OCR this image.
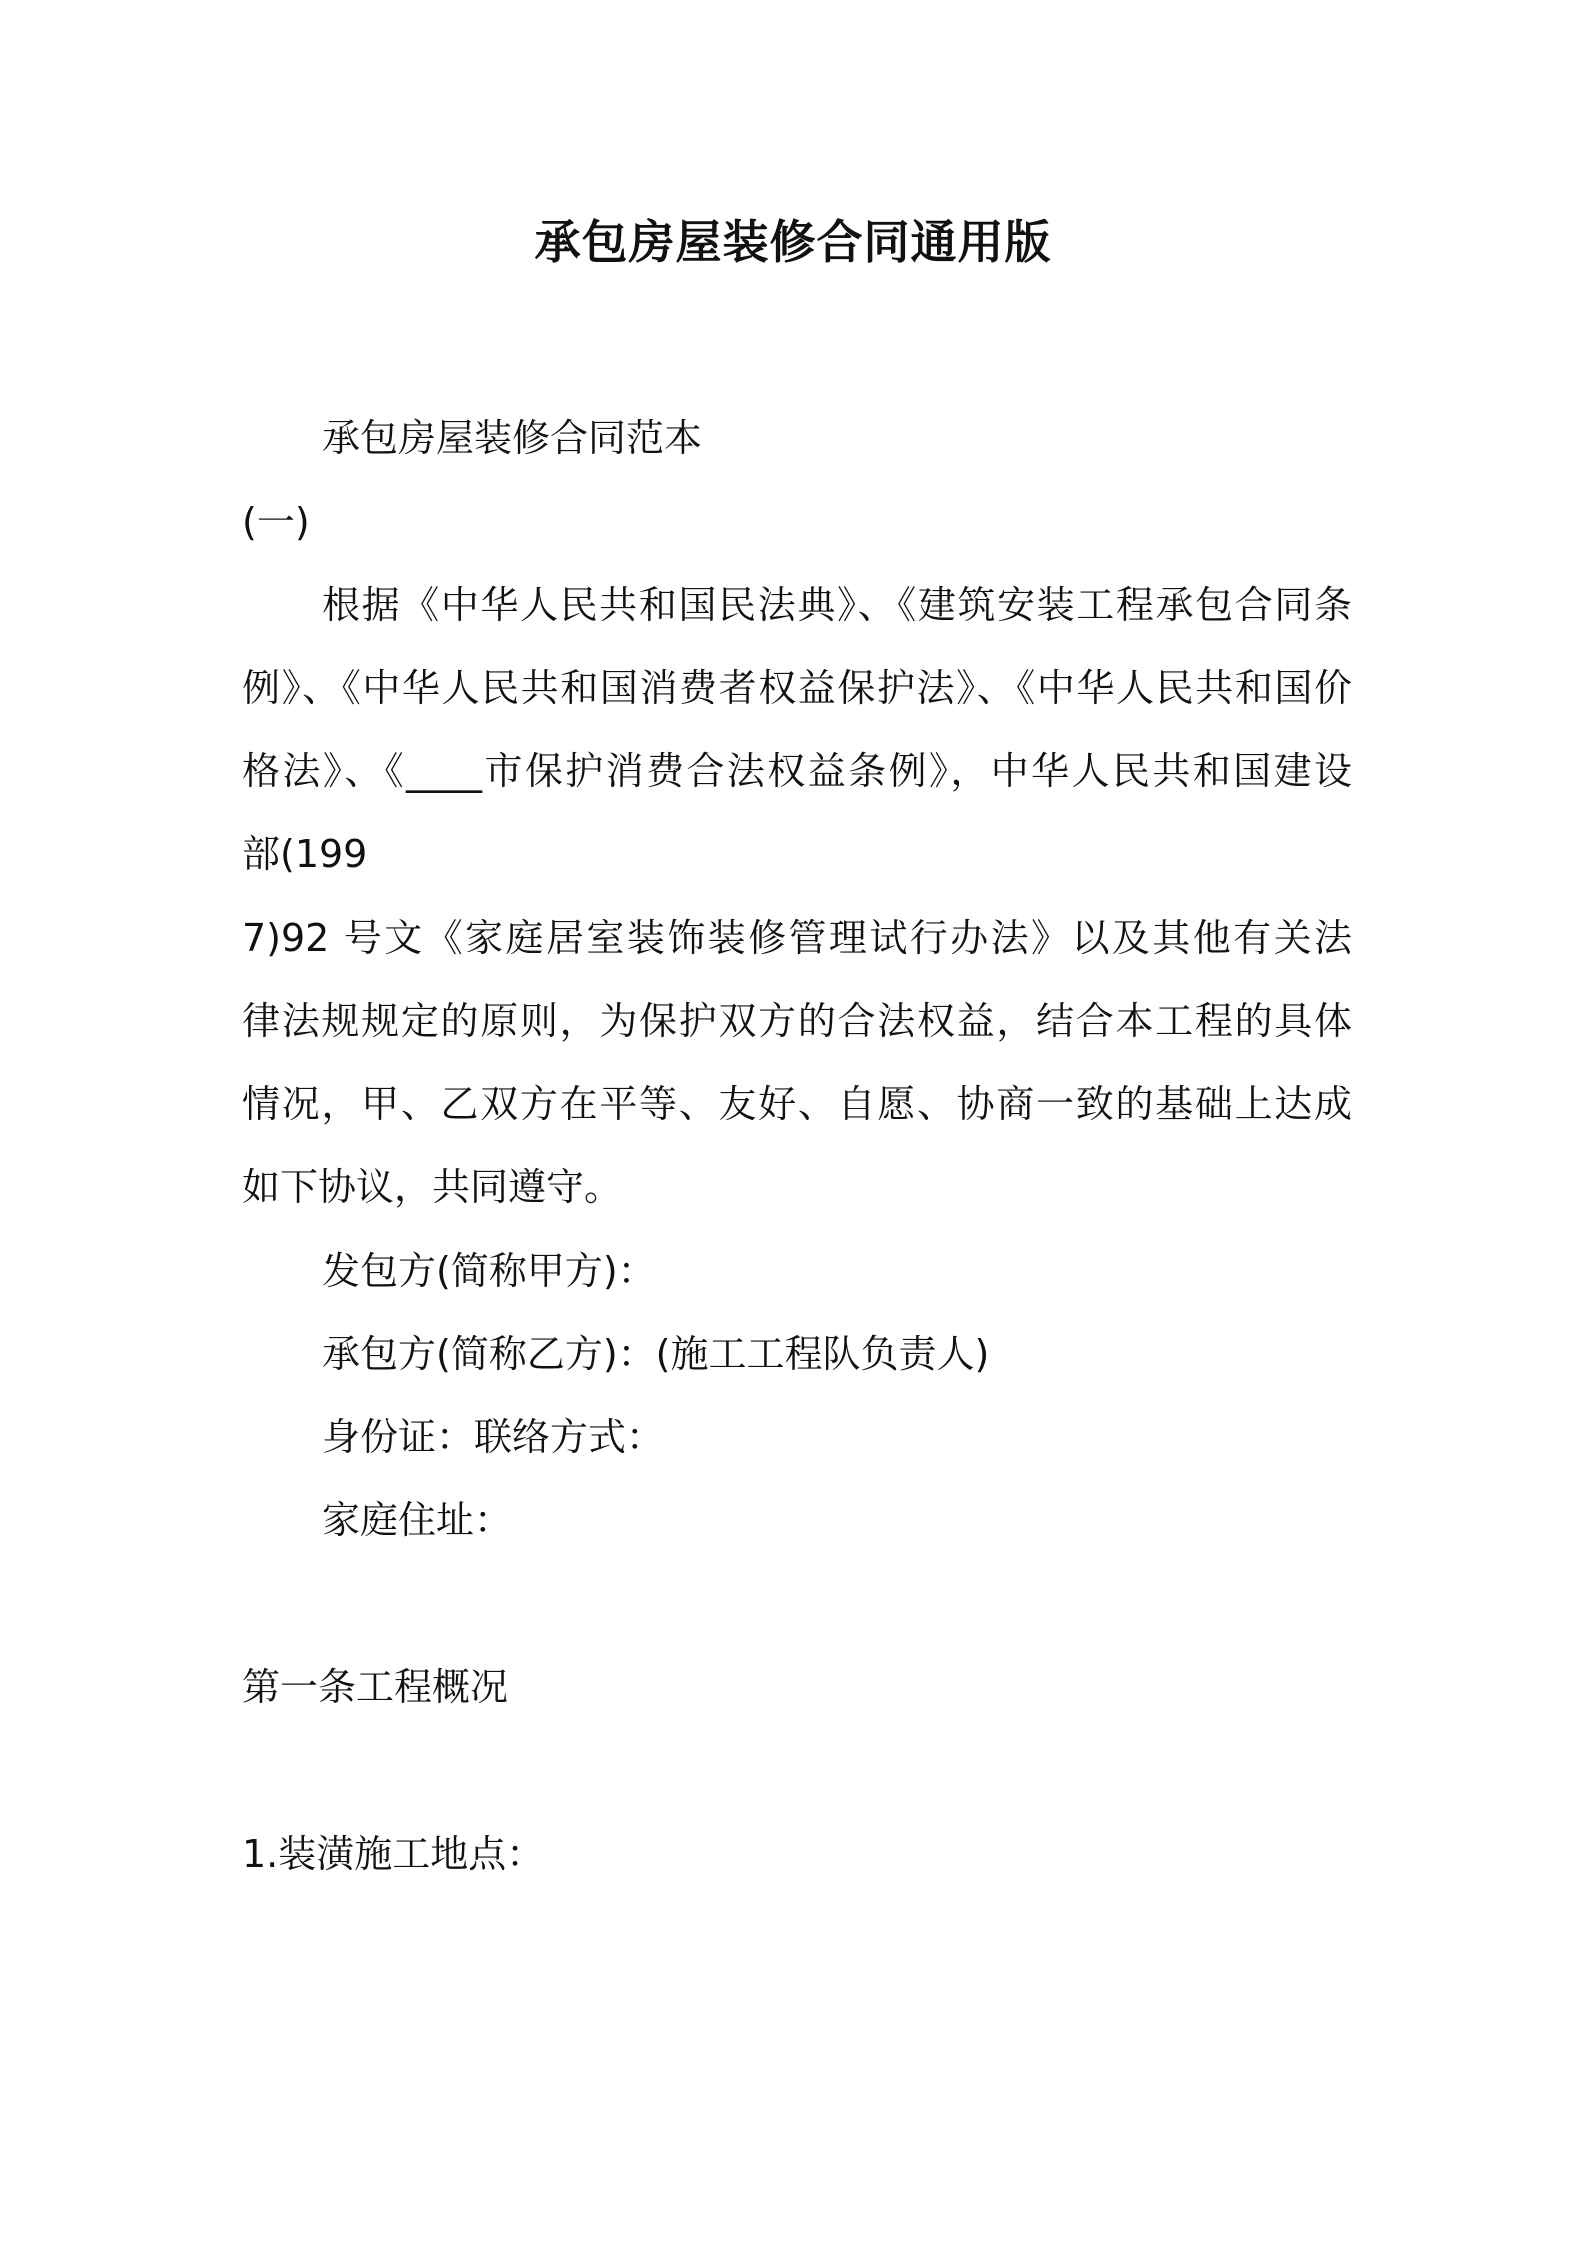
承包房屋装修合同通用版
承包房屋装修合同范本
(一)
根据《中华人民共和国民法典》、《建筑安装工程承包合同条
例》、《中华人民共和国消费者权益保护法》、《中华人民共和国价
格法》、《____市保护消费合法权益条例》，中华人民共和国建设
部(199
7)92 号文《家庭居室装饰装修管理试行办法》以及其他有关法
律法规规定的原则，为保护双方的合法权益，结合本工程的具体
情况，甲、乙双方在平等、友好、自愿、协商一致的基础上达成
如下协议，共同遵守。
发包方(简称甲方)：
承包方(简称乙方)：(施工工程队负责人)
身份证：联络方式：
家庭住址：
第一条工程概况
1.装潢施工地点：
